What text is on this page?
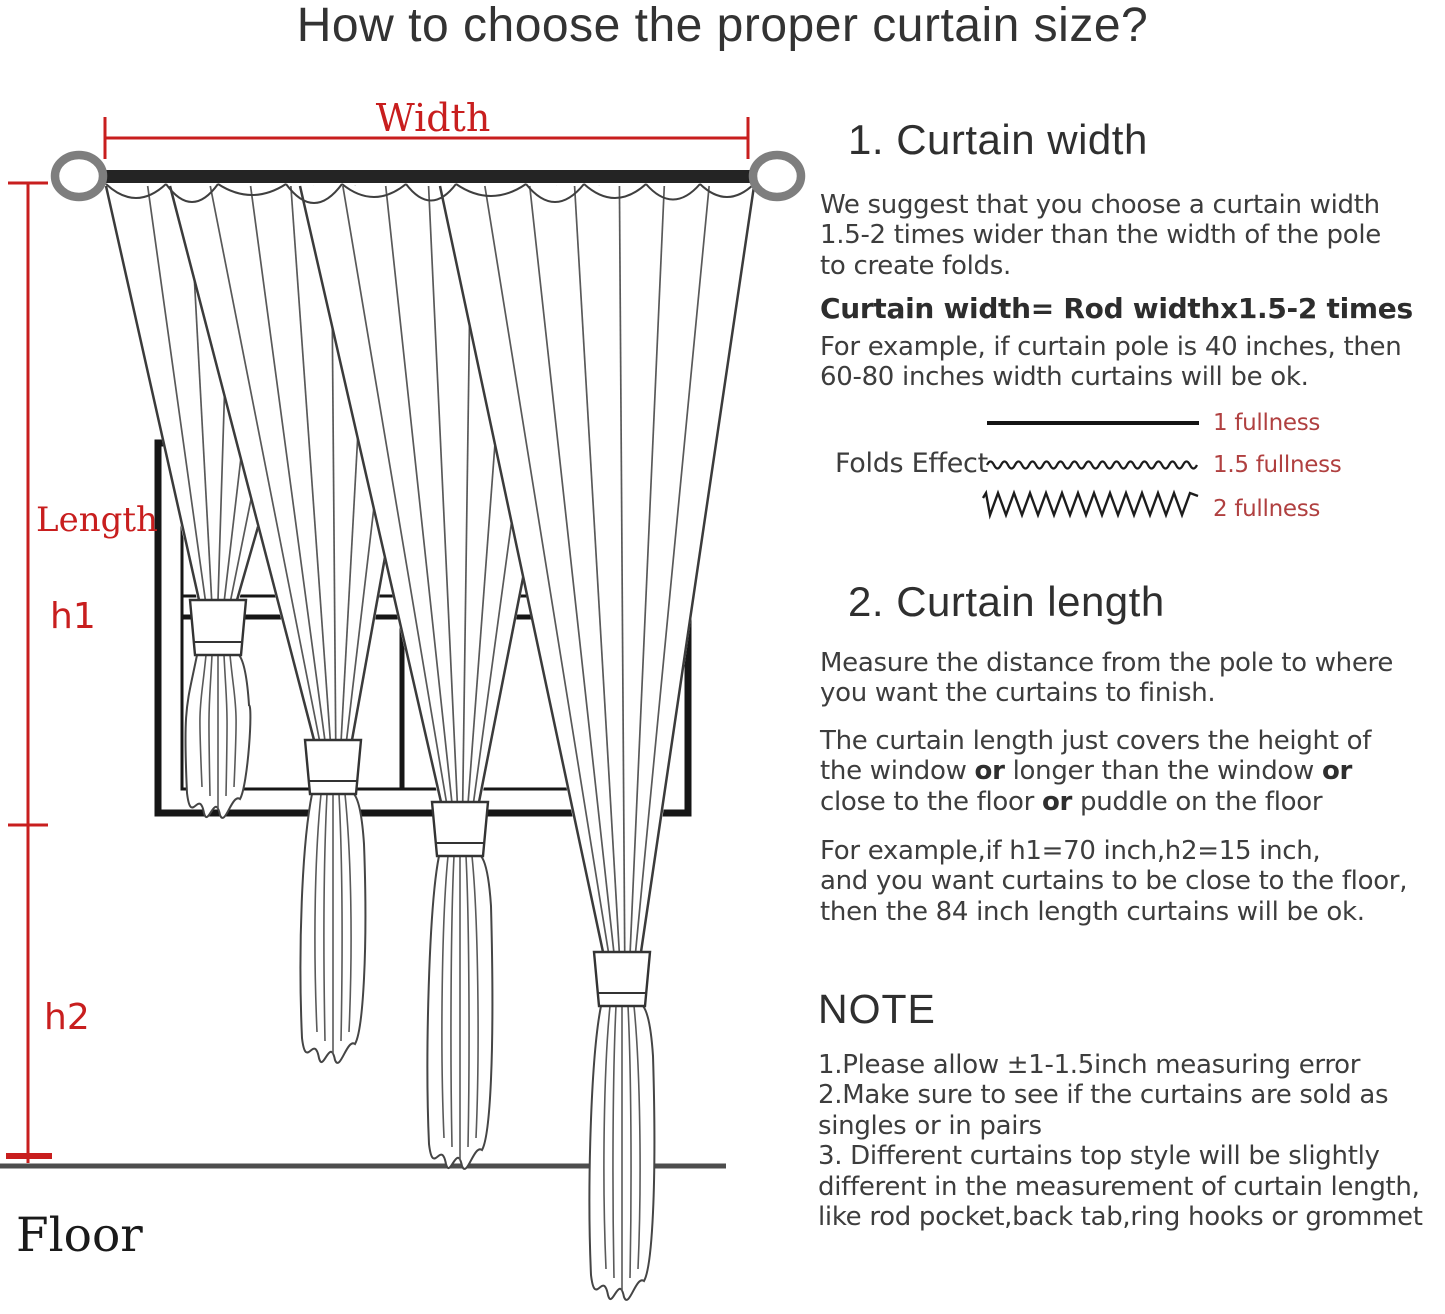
How to choose the proper curtain size?
Width
Length
h1
h2
Floor
1. Curtain width
We suggest that you choose a curtain width
1.5-2 times wider than the width of the pole
to create folds.
Curtain width= Rod widthx1.5-2 times
For example, if curtain pole is 40 inches, then
60-80 inches width curtains will be ok.
Folds Effect
1 fullness
1.5 fullness
2 fullness
2. Curtain length
Measure the distance from the pole to where
you want the curtains to finish.
The curtain length just covers the height of
the window or longer than the window or
close to the floor or puddle on the floor
For example,if h1=70 inch,h2=15 inch,
and you want curtains to be close to the floor,
then the 84 inch length curtains will be ok.
NOTE
1.Please allow ±1-1.5inch measuring error
2.Make sure to see if the curtains are sold as
singles or in pairs
3. Different curtains top style will be slightly
different in the measurement of curtain length,
like rod pocket,back tab,ring hooks or grommet
